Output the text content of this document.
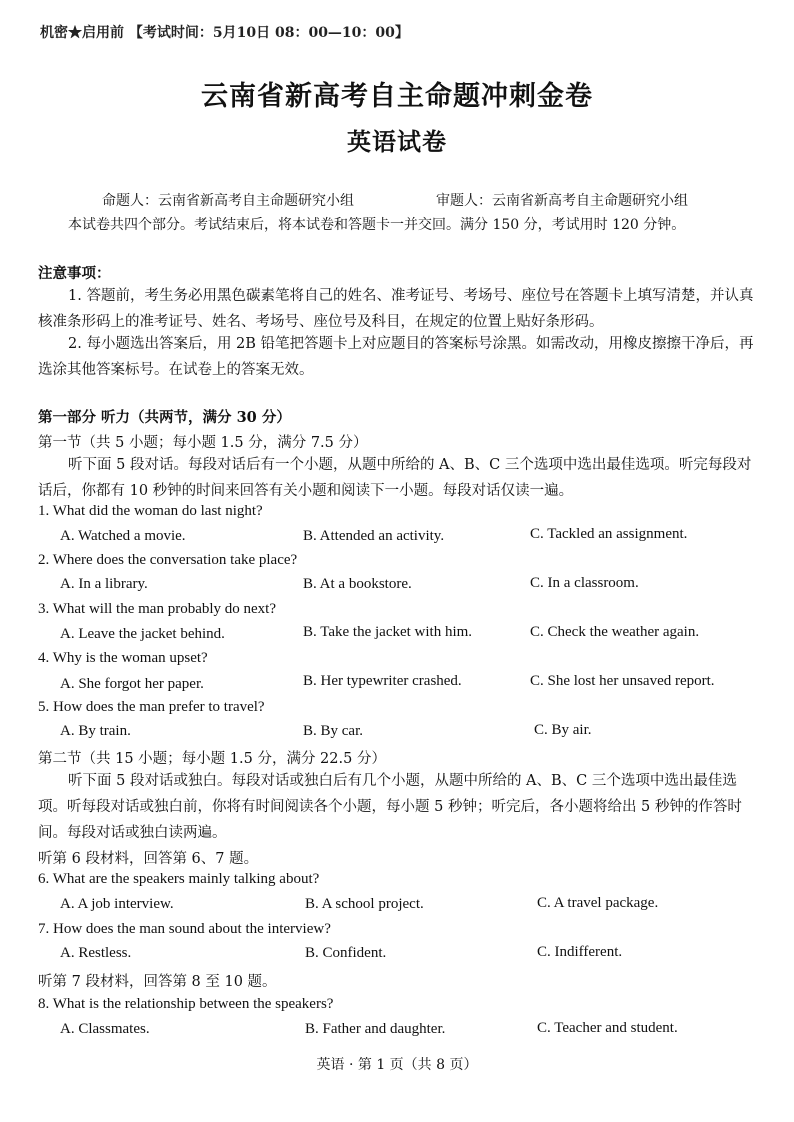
机密★启用前 【考试时间：5月10日 08：00—10：00】
云南省新高考自主命题冲刺金卷
英语试卷
命题人：云南省新高考自主命题研究小组	审题人：云南省新高考自主命题研究小组
本试卷共四个部分。考试结束后，将本试卷和答题卡一并交回。满分 150 分，考试用时 120 分钟。
注意事项：
1. 答题前，考生务必用黑色碳素笔将自己的姓名、准考证号、考场号、座位号在答题卡上填写清楚，并认真核准条形码上的准考证号、姓名、考场号、座位号及科目，在规定的位置上贴好条形码。
2. 每小题选出答案后，用 2B 铅笔把答题卡上对应题目的答案标号涂黑。如需改动，用橡皮擦擦干净后，再选涂其他答案标号。在试卷上的答案无效。
第一部分 听力（共两节，满分 30 分）
第一节（共 5 小题；每小题 1.5 分，满分 7.5 分）
听下面 5 段对话。每段对话后有一个小题，从题中所给的 A、B、C 三个选项中选出最佳选项。听完每段对话后，你都有 10 秒钟的时间来回答有关小题和阅读下一小题。每段对话仅读一遍。
1. What did the woman do last night?
A. Watched a movie.	B. Attended an activity.	C. Tackled an assignment.
2. Where does the conversation take place?
A. In a library.	B. At a bookstore.	C. In a classroom.
3. What will the man probably do next?
A. Leave the jacket behind.	B. Take the jacket with him.	C. Check the weather again.
4. Why is the woman upset?
A. She forgot her paper.	B. Her typewriter crashed.	C. She lost her unsaved report.
5. How does the man prefer to travel?
A. By train.	B. By car.	C. By air.
第二节（共 15 小题；每小题 1.5 分，满分 22.5 分）
听下面 5 段对话或独白。每段对话或独白后有几个小题，从题中所给的 A、B、C 三个选项中选出最佳选项。听每段对话或独白前，你将有时间阅读各个小题，每小题 5 秒钟；听完后，各小题将给出 5 秒钟的作答时间。每段对话或独白读两遍。
听第 6 段材料，回答第 6、7 题。
6. What are the speakers mainly talking about?
A. A job interview.	B. A school project.	C. A travel package.
7. How does the man sound about the interview?
A. Restless.	B. Confident.	C. Indifferent.
听第 7 段材料，回答第 8 至 10 题。
8. What is the relationship between the speakers?
A. Classmates.	B. Father and daughter.	C. Teacher and student.
英语 · 第 1 页（共 8 页）
